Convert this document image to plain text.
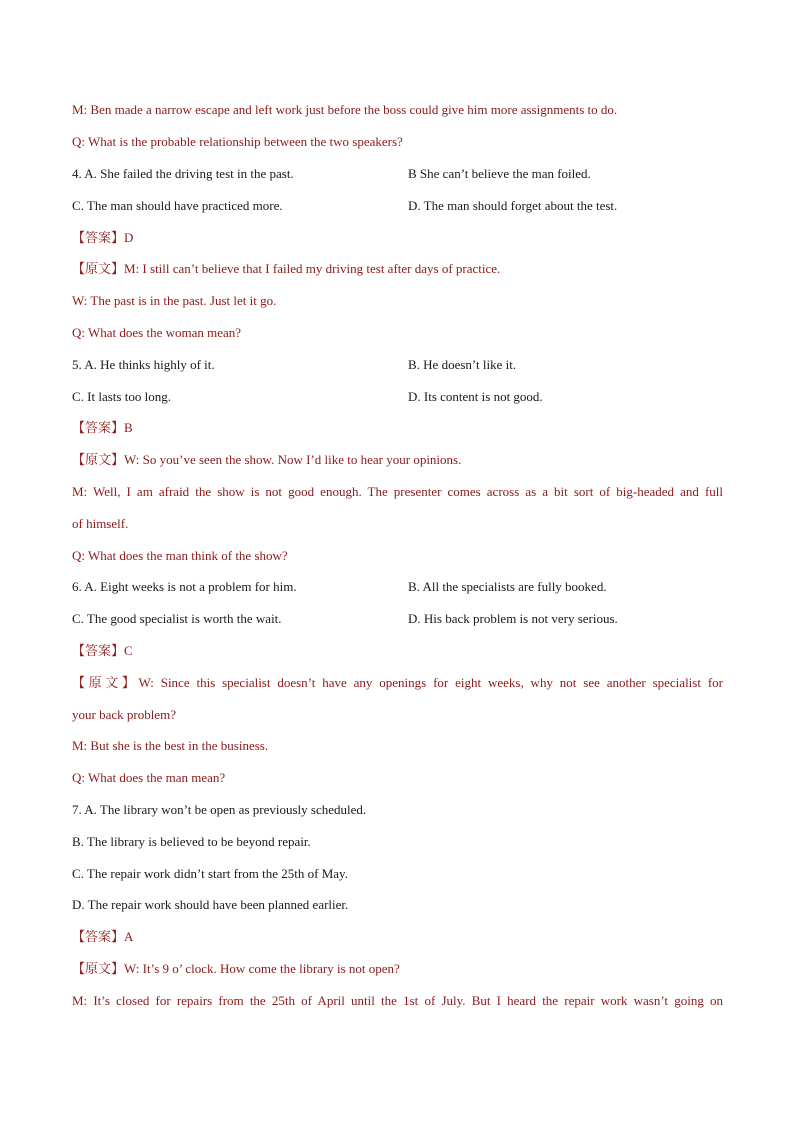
M: Ben made a narrow escape and left work just before the boss could give him more assignments to do.
Q: What is the probable relationship between the two speakers?
4. A. She failed the driving test in the past.	B She can’t believe the man foiled.
C. The man should have practiced more.	D. The man should forget about the test.
【答案】D
【原文】M: I still can’t believe that I failed my driving test after days of practice.
W: The past is in the past. Just let it go.
Q: What does the woman mean?
5. A. He thinks highly of it.	B. He doesn’t like it.
C. It lasts too long.	D. Its content is not good.
【答案】B
【原文】W: So you’ve seen the show. Now I’d like to hear your opinions.
M: Well, I am afraid the show is not good enough. The presenter comes across as a bit sort of big-headed and full
of himself.
Q: What does the man think of the show?
6. A. Eight weeks is not a problem for him.	B. All the specialists are fully booked.
C. The good specialist is worth the wait.	D. His back problem is not very serious.
【答案】C
【原文】W: Since this specialist doesn’t have any openings for eight weeks, why not see another specialist for
your back problem?
M: But she is the best in the business.
Q: What does the man mean?
7. A. The library won’t be open as previously scheduled.
B. The library is believed to be beyond repair.
C. The repair work didn’t start from the 25th of May.
D. The repair work should have been planned earlier.
【答案】A
【原文】W: It’s 9 o’ clock. How come the library is not open?
M: It’s closed for repairs from the 25th of April until the 1st of July. But I heard the repair work wasn’t going on
